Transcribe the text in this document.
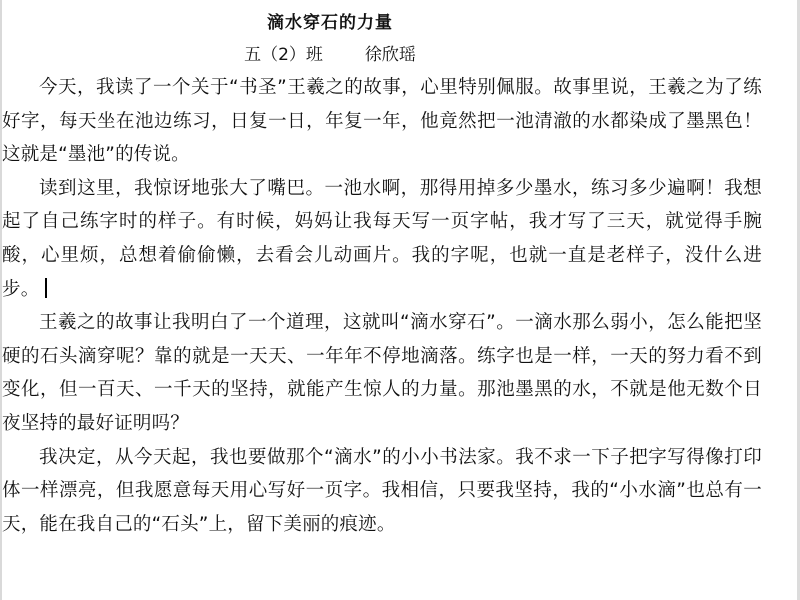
滴水穿石的力量
五（2）班 徐欣瑶

今天，我读了一个关于“书圣”王羲之的故事，心里特别佩服。故事里说，王羲之为了练好字，每天坐在池边练习，日复一日，年复一年，他竟然把一池清澈的水都染成了墨黑色！这就是“墨池”的传说。

读到这里，我惊讶地张大了嘴巴。一池水啊，那得用掉多少墨水，练习多少遍啊！我想起了自己练字时的样子。有时候，妈妈让我每天写一页字帖，我才写了三天，就觉得手腕酸，心里烦，总想着偷偷懒，去看会儿动画片。我的字呢，也就一直是老样子，没什么进步。

王羲之的故事让我明白了一个道理，这就叫“滴水穿石”。一滴水那么弱小，怎么能把坚硬的石头滴穿呢？靠的就是一天天、一年年不停地滴落。练字也是一样，一天的努力看不到变化，但一百天、一千天的坚持，就能产生惊人的力量。那池墨黑的水，不就是他无数个日夜坚持的最好证明吗？

我决定，从今天起，我也要做那个“滴水”的小小书法家。我不求一下子把字写得像打印体一样漂亮，但我愿意每天用心写好一页字。我相信，只要我坚持，我的“小水滴”也总有一天，能在我自己的“石头”上，留下美丽的痕迹。
